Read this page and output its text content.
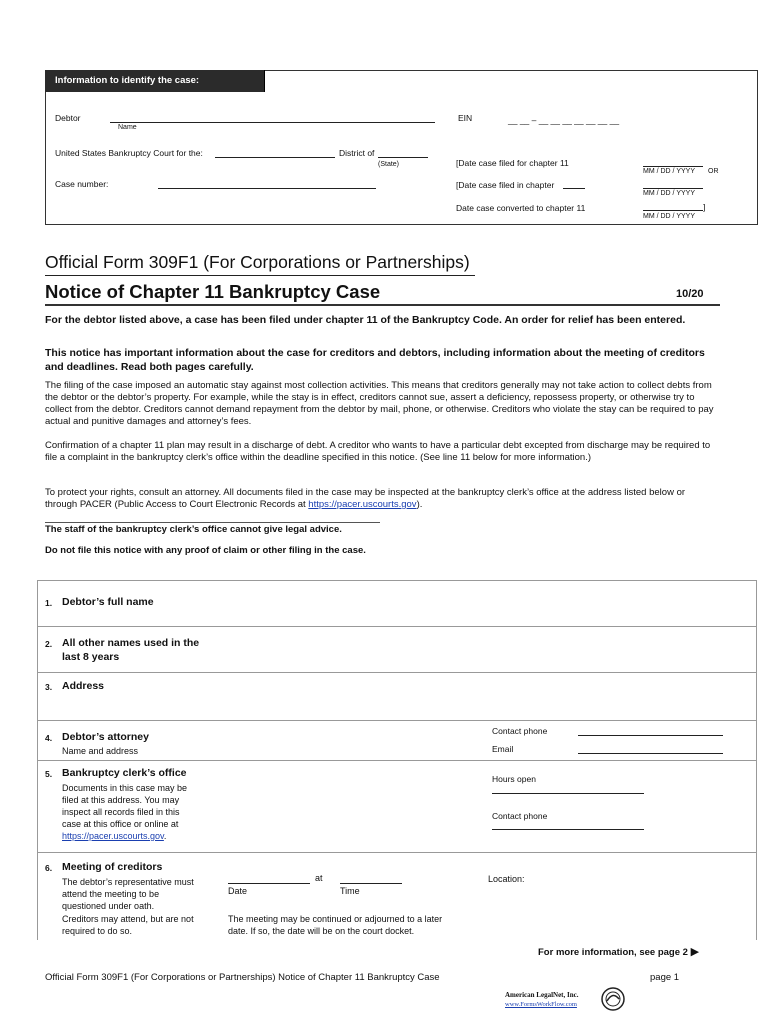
Information to identify the case:
Debtor
Name
EIN	__ __ – __ __ __ __ __ __ __
United States Bankruptcy Court for the:	District of
(State)
Case number:
[Date case filed for chapter 11
MM / DD / YYYY OR
[Date case filed in chapter
MM / DD / YYYY
Date case converted to chapter 11	]
MM / DD / YYYY
Official Form 309F1 (For Corporations or Partnerships)
Notice of Chapter 11 Bankruptcy Case	10/20
For the debtor listed above, a case has been filed under chapter 11 of the Bankruptcy Code. An order for relief has been entered.
This notice has important information about the case for creditors and debtors, including information about the meeting of creditors and deadlines. Read both pages carefully.
The filing of the case imposed an automatic stay against most collection activities. This means that creditors generally may not take action to collect debts from the debtor or the debtor’s property. For example, while the stay is in effect, creditors cannot sue, assert a deficiency, repossess property, or otherwise try to collect from the debtor. Creditors cannot demand repayment from the debtor by mail, phone, or otherwise. Creditors who violate the stay can be required to pay actual and punitive damages and attorney’s fees.
Confirmation of a chapter 11 plan may result in a discharge of debt. A creditor who wants to have a particular debt excepted from discharge may be required to file a complaint in the bankruptcy clerk’s office within the deadline specified in this notice. (See line 11 below for more information.)
To protect your rights, consult an attorney. All documents filed in the case may be inspected at the bankruptcy clerk’s office at the address listed below or through PACER (Public Access to Court Electronic Records at https://pacer.uscourts.gov).
The staff of the bankruptcy clerk’s office cannot give legal advice.
Do not file this notice with any proof of claim or other filing in the case.
1. Debtor’s full name
2. All other names used in the
last 8 years
3. Address
4. Debtor’s attorney
Name and address
Contact phone
Email
5. Bankruptcy clerk’s office
Documents in this case may be
filed at this address. You may
inspect all records filed in this
case at this office or online at
https://pacer.uscourts.gov.
Hours open
Contact phone
6. Meeting of creditors
The debtor’s representative must
attend the meeting to be
questioned under oath.
Creditors may attend, but are not
required to do so.
at
Date	Time
Location:
The meeting may be continued or adjourned to a later
date. If so, the date will be on the court docket.
For more information, see page 2 ▶
Official Form 309F1 (For Corporations or Partnerships) Notice of Chapter 11 Bankruptcy Case	page 1
American LegalNet, Inc.
www.FormsWorkFlow.com
